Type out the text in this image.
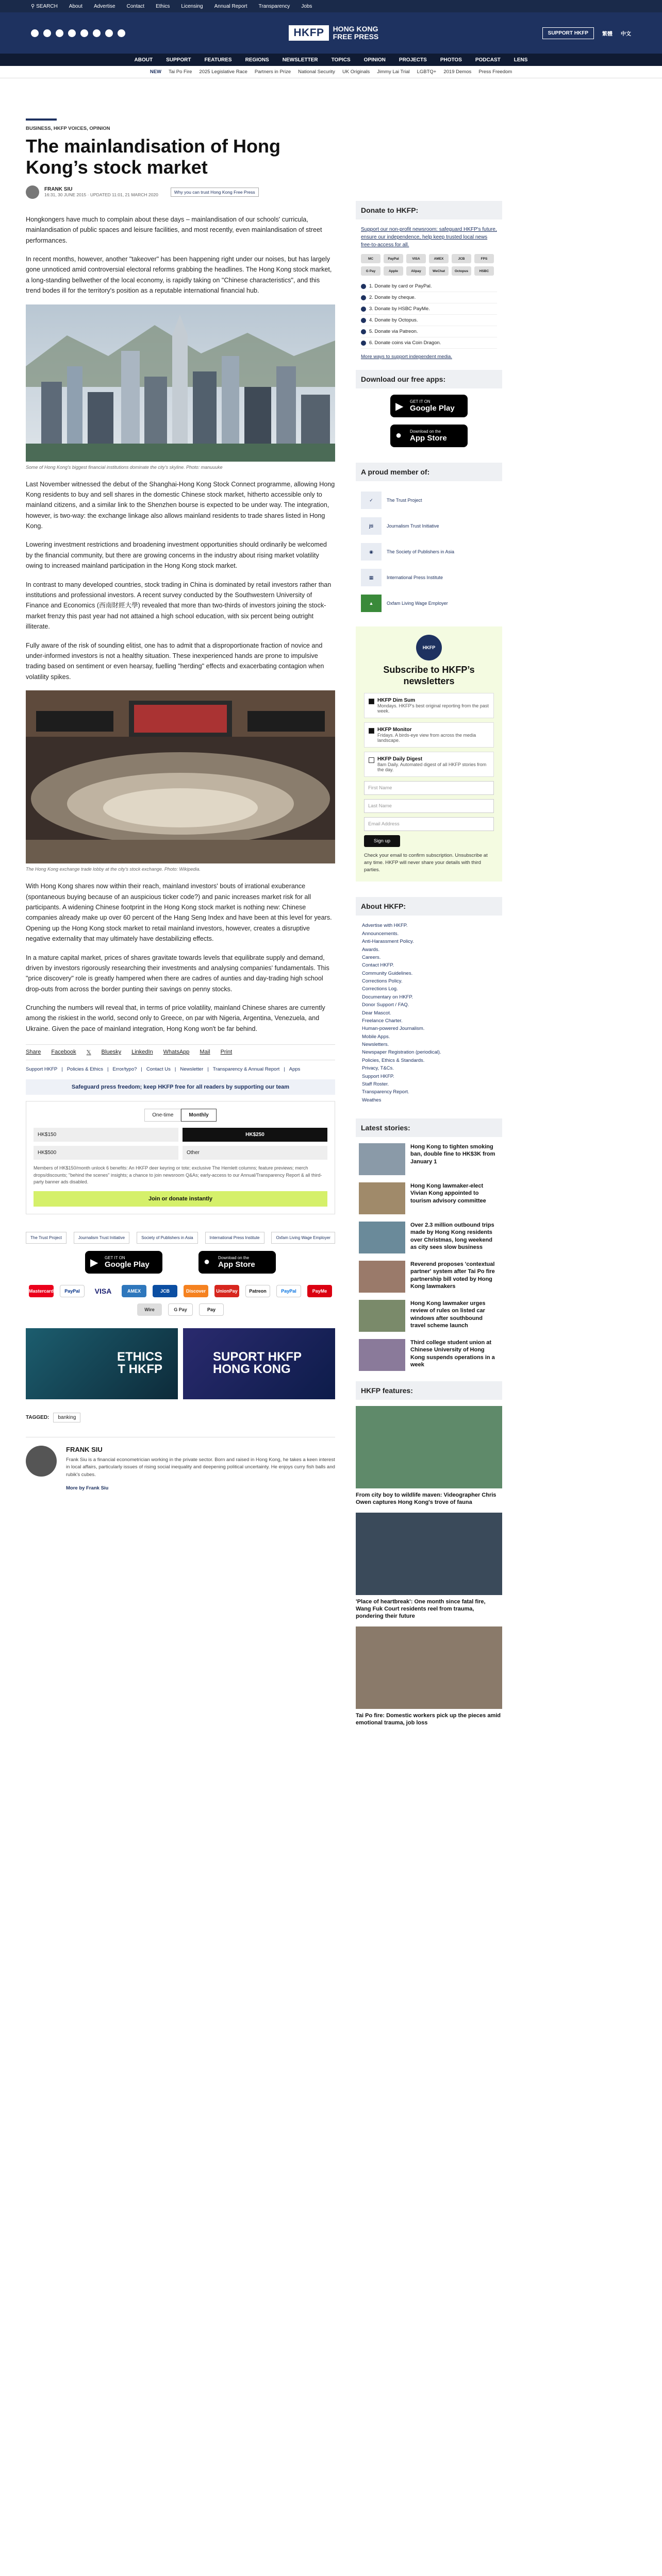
⚲ SEARCH About Advertise Contact Ethics Licensing Annual Report Transparency Jobs
HKFP	HONG KONG
FREE PRESS	SUPPORT HKFP	繁體 中文
ABOUT	SUPPORT	FEATURES	REGIONS	NEWSLETTER	TOPICS	OPINION	PROJECTS	PHOTOS	PODCAST	LENS
NEW Tai Po Fire 2025 Legislative Race Partners in Prize National Security UK Originals Jimmy Lai Trial LGBTQ+ 2019 Demos Press Freedom
BUSINESS, HKFP VOICES, OPINION
The mainlandisation of Hong Kong’s stock market
FRANK SIU
16:31, 30 JUNE 2015 · UPDATED 11:01, 21 MARCH 2020
Why you can trust Hong Kong Free Press

Hongkongers have much to complain about these days – mainlandisation of our schools' curricula, mainlandisation of public spaces and leisure facilities, and most recently, even mainlandisation of street performances.

In recent months, however, another "takeover" has been happening right under our noises, but has largely gone unnoticed amid controversial electoral reforms grabbing the headlines. The Hong Kong stock market, a long-standing bellwether of the local economy, is rapidly taking on "Chinese characteristics", and this trend bodes ill for the territory's position as a reputable international financial hub.

Some of Hong Kong's biggest financial institutions dominate the city's skyline. Photo: manuuuke

Last November witnessed the debut of the Shanghai-Hong Kong Stock Connect programme, allowing Hong Kong residents to buy and sell shares in the domestic Chinese stock market, hitherto accessible only to mainland citizens, and a similar link to the Shenzhen bourse is expected to be under way. The integration, however, is two-way: the exchange linkage also allows mainland residents to trade shares listed in Hong Kong.

Lowering investment restrictions and broadening investment opportunities should ordinarily be welcomed by the financial community, but there are growing concerns in the industry about rising market volatility owing to increased mainland participation in the Hong Kong stock market.

In contrast to many developed countries, stock trading in China is dominated by retail investors rather than institutions and professional investors. A recent survey conducted by the Southwestern University of Finance and Economics (西南財經大學) revealed that more than two-thirds of investors joining the stock-market frenzy this past year had not attained a high school education, with six percent being outright illiterate.

Fully aware of the risk of sounding elitist, one has to admit that a disproportionate fraction of novice and under-informed investors is not a healthy situation. These inexperienced hands are prone to impulsive trading based on sentiment or even hearsay, fuelling "herding" effects and exacerbating contagion when volatility spikes.

The Hong Kong exchange trade lobby at the city's stock exchange. Photo: Wikipedia.

With Hong Kong shares now within their reach, mainland investors' bouts of irrational exuberance (spontaneous buying because of an auspicious ticker code?) and panic increases market risk for all participants. A widening Chinese footprint in the Hong Kong stock market is nothing new: Chinese companies already make up over 60 percent of the Hang Seng Index and have been at this level for years. Opening up the Hong Kong stock market to retail mainland investors, however, creates a disruptive negative externality that may ultimately have destabilizing effects.

In a mature capital market, prices of shares gravitate towards levels that equilibrate supply and demand, driven by investors rigorously researching their investments and analysing companies' fundamentals. This "price discovery" role is greatly hampered when there are cadres of aunties and day-trading high school drop-outs from across the border punting their savings on penny stocks.

Crunching the numbers will reveal that, in terms of price volatility, mainland Chinese shares are currently among the riskiest in the world, second only to Greece, on par with Nigeria, Argentina, Venezuela, and Ukraine. Given the pace of mainland integration, Hong Kong won't be far behind.

Share Facebook 𝕏 Bluesky LinkedIn WhatsApp Mail Print
Support HKFP | Policies & Ethics | Error/typo? | Contact Us | Newsletter | Transparency & Annual Report | Apps
Safeguard press freedom; keep HKFP free for all readers by supporting our team
One-time	Monthly
HK$150	HK$250
HK$500	Other
Members of HK$150/month unlock 6 benefits: An HKFP deer keyring or tote; exclusive The Hemlett columns; feature previews; merch drops/discounts; "behind the scenes" insights; a chance to join newsroom Q&As; early-access to our Annual/Transparency Report & all third-party banner ads disabled.
Join or donate instantly
The Trust Project	Journalism Trust Initiative	Society of Publishers in Asia	International Press Institute	Oxfam Living Wage Employer
▶ GET IT ON
Google Play	● Download on the
App Store
Mastercard	PayPal	VISA	AMEX	JCB	Discover	UnionPay	Patreon	PayPal	PayMe
Wire	G Pay	Pay
ETHICS
T HKFP
SUPORT HKFP
HONG KONG
TAGGED:	banking
FRANK SIU

Frank Siu is a financial econometrician working in the private sector. Born and raised in Hong Kong, he takes a keen interest in local affairs, particularly issues of rising social inequality and deepening political uncertainty. He enjoys curry fish balls and rubik's cubes.

More by Frank Siu
Donate to HKFP:
Support our non-profit newsroom: safeguard HKFP's future, ensure our independence, help keep trusted local news free-to-access for all.
MC	PayPal	VISA	AMEX	JCB	FPS
G Pay	Apple	Alipay	WeChat	Octopus	HSBC
1. Donate by card or PayPal.
2. Donate by cheque.
3. Donate by HSBC PayMe.
4. Donate by Octopus.
5. Donate via Patreon.
6. Donate coins via Coin Dragon.
More ways to support independent media.
Download our free apps:
▶ GET IT ON
Google Play
● Download on the
App Store
A proud member of:
✓	The Trust Project
jti	Journalism Trust Initiative
◉	The Society of Publishers in Asia
▦	International Press Institute
▲	Oxfam Living Wage Employer
HKFP
Subscribe to HKFP’s newsletters
HKFP Dim Sum
Mondays. HKFP's best original reporting from the past week.
HKFP Monitor
Fridays. A birds-eye view from across the media landscape.
HKFP Daily Digest
8am Daily. Automated digest of all HKFP stories from the day.
First Name
Last Name
Email Address
Sign up
Check your email to confirm subscription. Unsubscribe at any time. HKFP will never share your details with third parties.
About HKFP:
Advertise with HKFP.
Announcements.
Anti-Harassment Policy.
Awards.
Careers.
Contact HKFP.
Community Guidelines.
Corrections Policy.
Corrections Log.
Documentary on HKFP.
Donor Support / FAQ.
Dear Mascot.
Freelance Charter.
Human-powered Journalism.
Mobile Apps.
Newsletters.
Newspaper Registration (periodical).
Policies, Ethics & Standards.
Privacy, T&Cs.
Support HKFP.
Staff Roster.
Transparency Report.
Weathes
Latest stories:
Hong Kong to tighten smoking ban, double fine to HK$3K from January 1
Hong Kong lawmaker-elect Vivian Kong appointed to tourism advisory committee
Over 2.3 million outbound trips made by Hong Kong residents over Christmas, long weekend as city sees slow business
Reverend proposes 'contextual partner' system after Tai Po fire partnership bill voted by Hong Kong lawmakers
Hong Kong lawmaker urges review of rules on listed car windows after southbound travel scheme launch
Third college student union at Chinese University of Hong Kong suspends operations in a week
HKFP features:
From city boy to wildlife maven: Videographer Chris Owen captures Hong Kong's trove of fauna
'Place of heartbreak': One month since fatal fire, Wang Fuk Court residents reel from trauma, pondering their future
Tai Po fire: Domestic workers pick up the pieces amid emotional trauma, job loss
